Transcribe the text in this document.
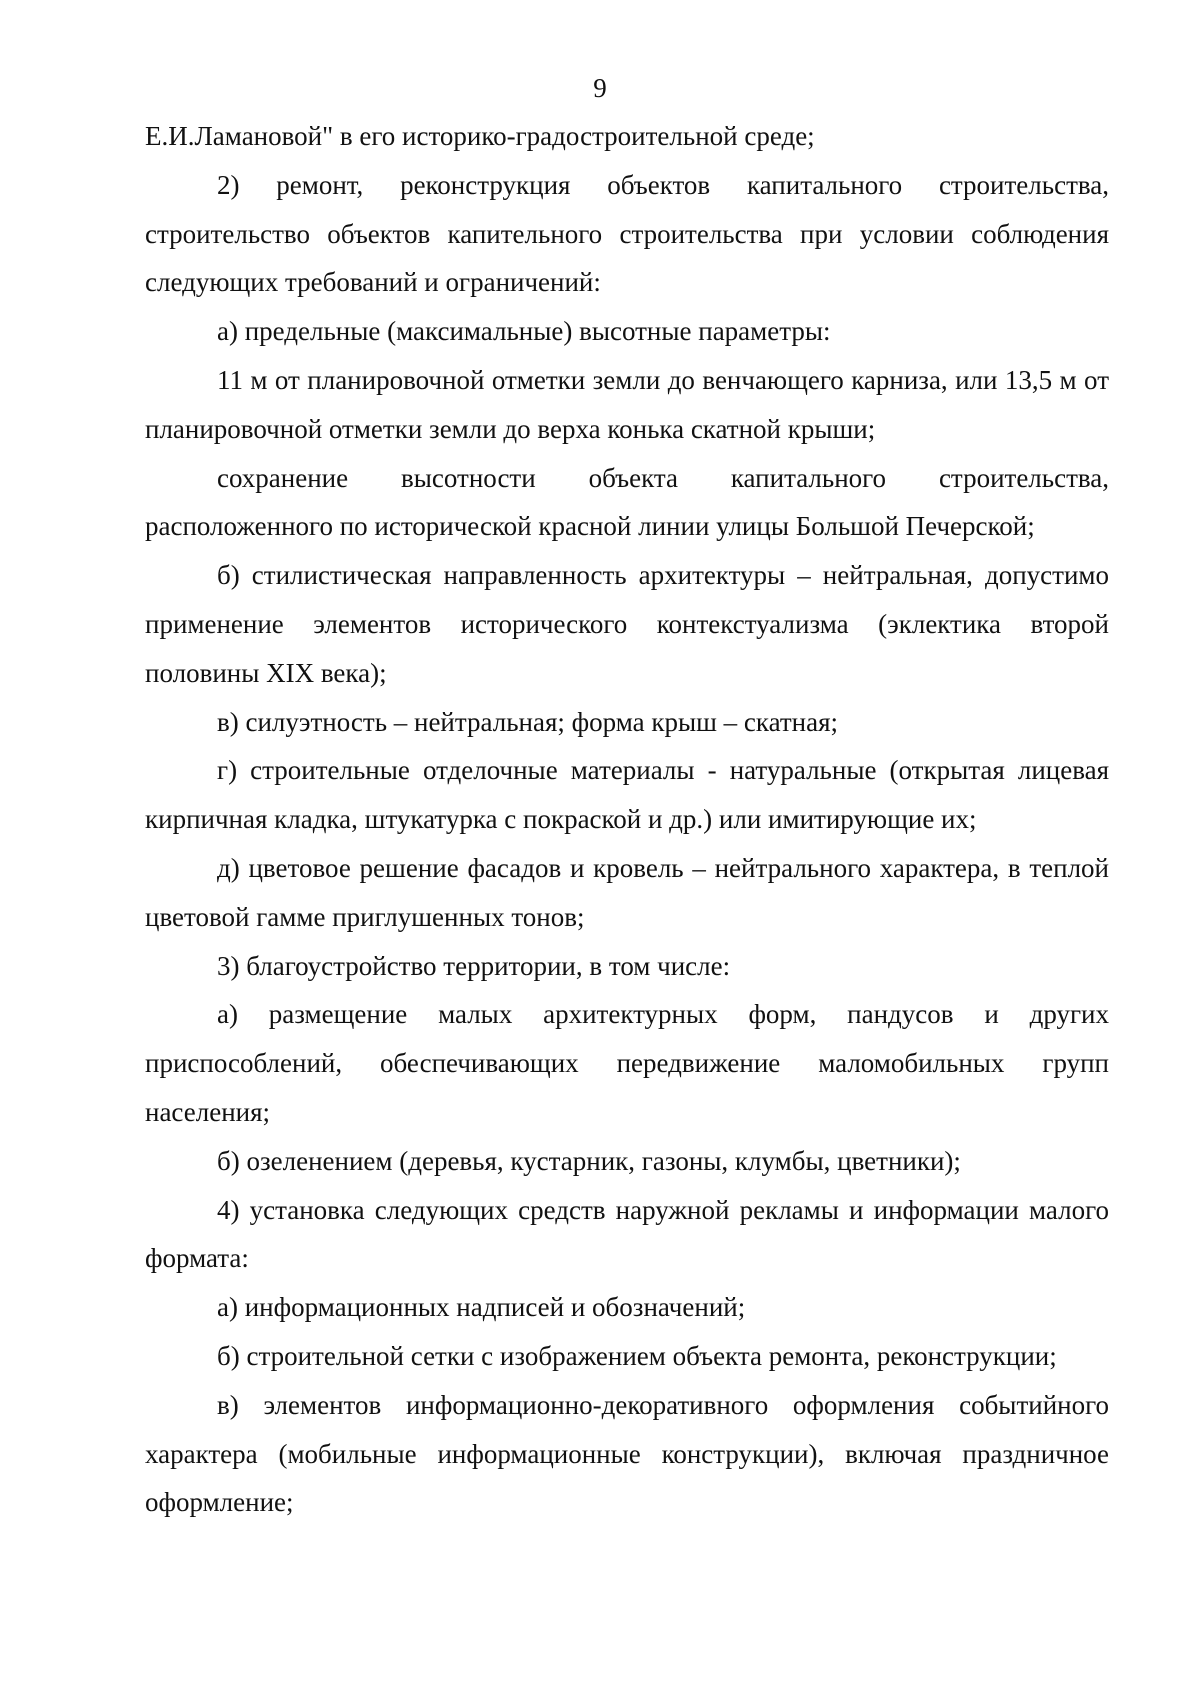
9

Е.И.Ламановой" в его историко-градостроительной среде;

2) ремонт, реконструкция объектов капитального строительства, строительство объектов капительного строительства при условии соблюдения следующих требований и ограничений:

а) предельные (максимальные) высотные параметры:

11 м от планировочной отметки земли до венчающего карниза, или 13,5 м от планировочной отметки земли до верха конька скатной крыши;

сохранение высотности объекта капитального строительства, расположенного по исторической красной линии улицы Большой Печерской;

б) стилистическая направленность архитектуры – нейтральная, допустимо применение элементов исторического контекстуализма (эклектика второй половины XIX века);

в) силуэтность – нейтральная; форма крыш – скатная;

г) строительные отделочные материалы - натуральные (открытая лицевая кирпичная кладка, штукатурка с покраской и др.) или имитирующие их;

д) цветовое решение фасадов и кровель – нейтрального характера, в теплой цветовой гамме приглушенных тонов;

3) благоустройство территории, в том числе:

а) размещение малых архитектурных форм, пандусов и других приспособлений, обеспечивающих передвижение маломобильных групп населения;

б) озеленением (деревья, кустарник, газоны, клумбы, цветники);

4) установка следующих средств наружной рекламы и информации малого формата:

а) информационных надписей и обозначений;

б) строительной сетки с изображением объекта ремонта, реконструкции;

в) элементов информационно-декоративного оформления событийного характера (мобильные информационные конструкции), включая праздничное оформление;
